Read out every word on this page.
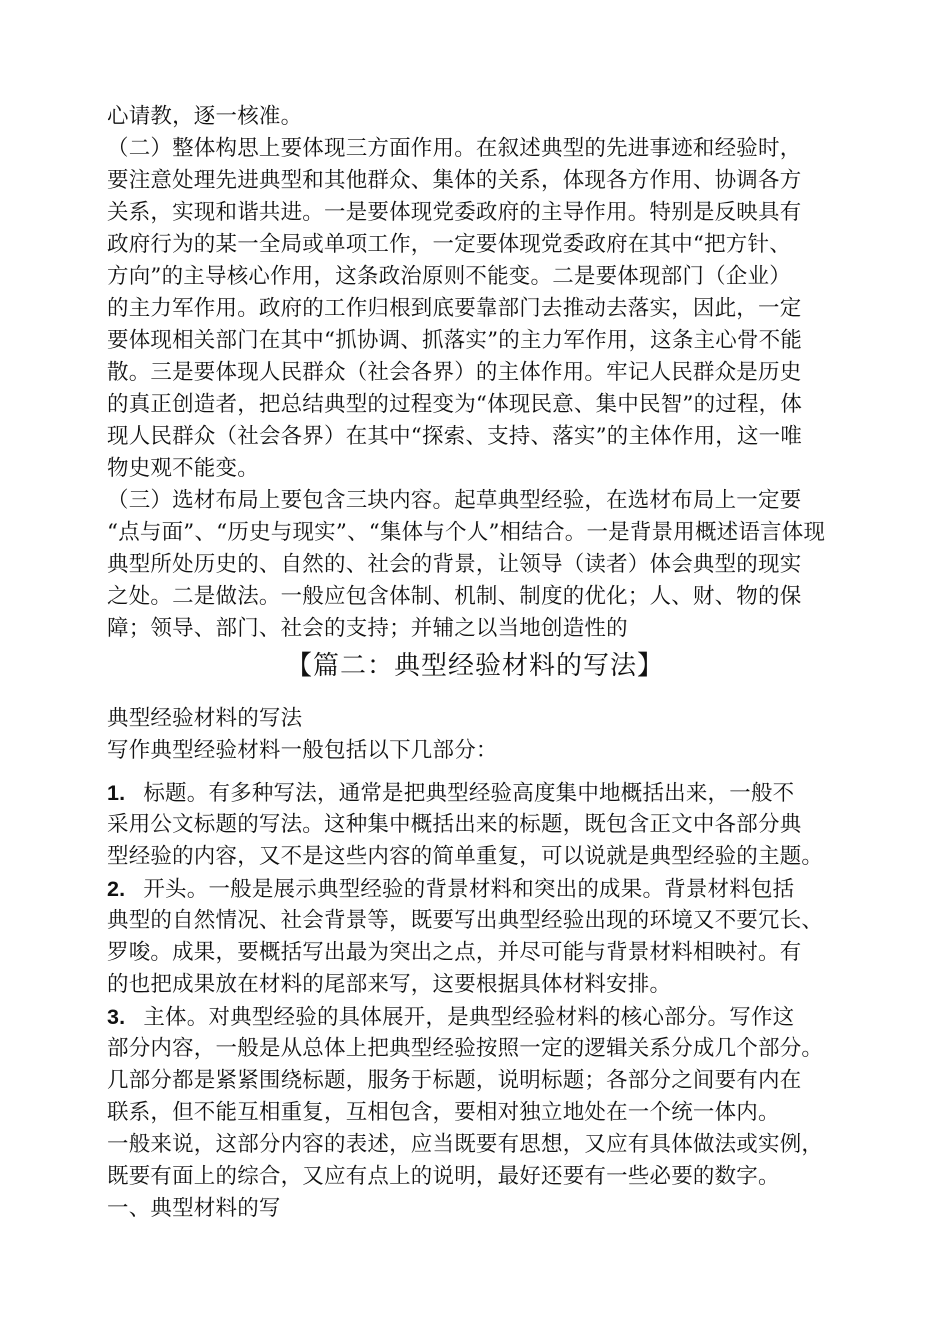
心请教，逐一核准。
（二）整体构思上要体现三方面作用。在叙述典型的先进事迹和经验时，
要注意处理先进典型和其他群众、集体的关系，体现各方作用、协调各方
关系，实现和谐共进。一是要体现党委政府的主导作用。特别是反映具有
政府行为的某一全局或单项工作，一定要体现党委政府在其中“把方针、
方向”的主导核心作用，这条政治原则不能变。二是要体现部门（企业）
的主力军作用。政府的工作归根到底要靠部门去推动去落实，因此，一定
要体现相关部门在其中“抓协调、抓落实”的主力军作用，这条主心骨不能
散。三是要体现人民群众（社会各界）的主体作用。牢记人民群众是历史
的真正创造者，把总结典型的过程变为“体现民意、集中民智”的过程，体
现人民群众（社会各界）在其中“探索、支持、落实”的主体作用，这一唯
物史观不能变。
（三）选材布局上要包含三块内容。起草典型经验，在选材布局上一定要
“点与面”、“历史与现实”、“集体与个人”相结合。一是背景用概述语言体现
典型所处历史的、自然的、社会的背景，让领导（读者）体会典型的现实
之处。二是做法。一般应包含体制、机制、制度的优化；人、财、物的保
障；领导、部门、社会的支持；并辅之以当地创造性的
【篇二：典型经验材料的写法】
典型经验材料的写法
写作典型经验材料一般包括以下几部分：
1. 标题。有多种写法，通常是把典型经验高度集中地概括出来，一般不
采用公文标题的写法。这种集中概括出来的标题，既包含正文中各部分典
型经验的内容，又不是这些内容的简单重复，可以说就是典型经验的主题。
2. 开头。一般是展示典型经验的背景材料和突出的成果。背景材料包括
典型的自然情况、社会背景等，既要写出典型经验出现的环境又不要冗长、
罗唆。成果，要概括写出最为突出之点，并尽可能与背景材料相映衬。有
的也把成果放在材料的尾部来写，这要根据具体材料安排。
3. 主体。对典型经验的具体展开，是典型经验材料的核心部分。写作这
部分内容，一般是从总体上把典型经验按照一定的逻辑关系分成几个部分。
几部分都是紧紧围绕标题，服务于标题，说明标题；各部分之间要有内在
联系，但不能互相重复，互相包含，要相对独立地处在一个统一体内。
一般来说，这部分内容的表述，应当既要有思想，又应有具体做法或实例，
既要有面上的综合，又应有点上的说明，最好还要有一些必要的数字。
一、典型材料的写
